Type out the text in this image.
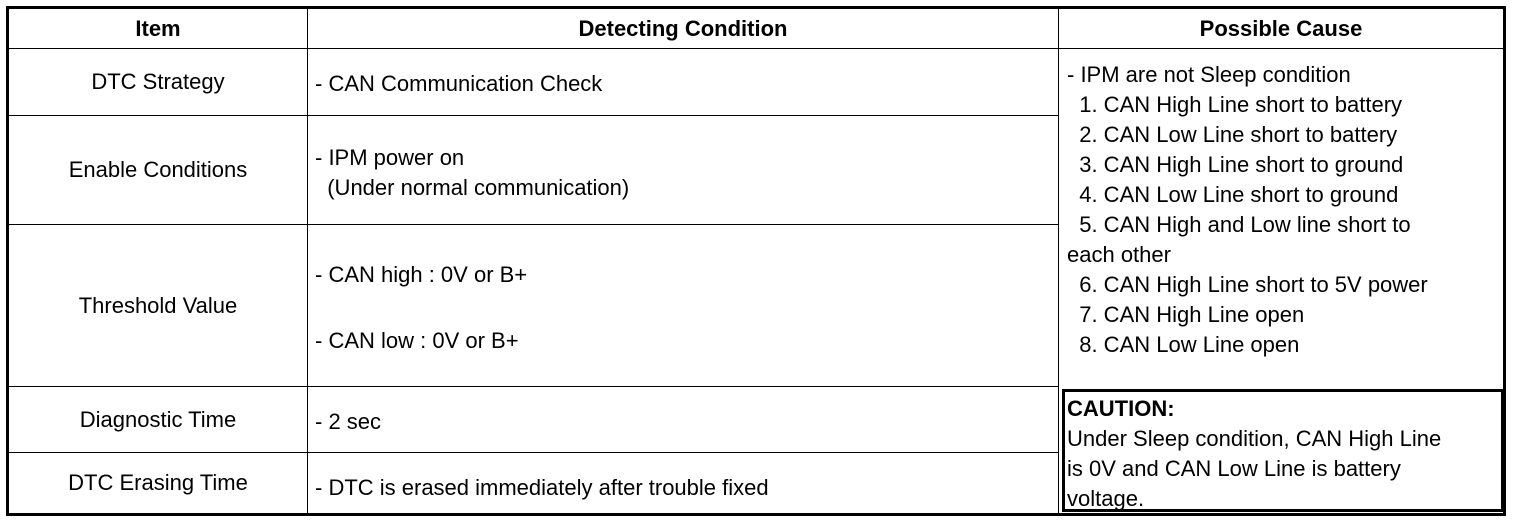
Item	Detecting Condition	Possible Cause
DTC Strategy
Enable Conditions
Threshold Value
Diagnostic Time
DTC Erasing Time
- CAN Communication Check
- IPM power on
(Under normal communication)
- CAN high : 0V or B+
- CAN low : 0V or B+
- 2 sec
- DTC is erased immediately after trouble fixed
- IPM are not Sleep condition
1. CAN High Line short to battery
2. CAN Low Line short to battery
3. CAN High Line short to ground
4. CAN Low Line short to ground
5. CAN High and Low line short to
each other
6. CAN High Line short to 5V power
7. CAN High Line open
8. CAN Low Line open
CAUTION:
Under Sleep condition, CAN High Line
is 0V and CAN Low Line is battery
voltage.
